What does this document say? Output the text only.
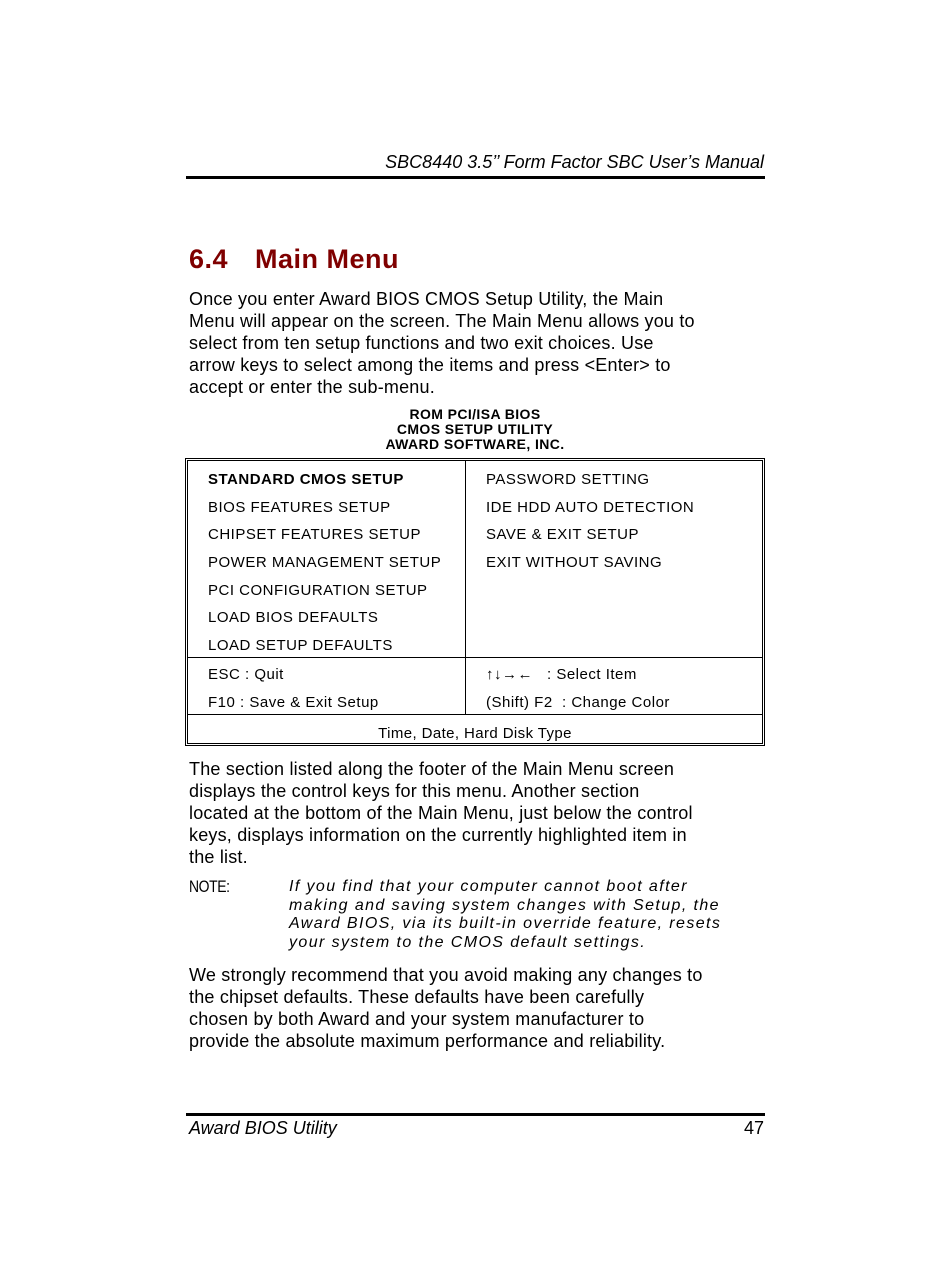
SBC8440 3.5’’ Form Factor SBC User’s Manual
6.4 Main Menu
Once you enter Award BIOS CMOS Setup Utility, the Main
Menu will appear on the screen. The Main Menu allows you to
select from ten setup functions and two exit choices. Use
arrow keys to select among the items and press <Enter> to
accept or enter the sub-menu.
ROM PCI/ISA BIOS
CMOS SETUP UTILITY
AWARD SOFTWARE, INC.
STANDARD CMOS SETUP
BIOS FEATURES SETUP
CHIPSET FEATURES SETUP
POWER MANAGEMENT SETUP
PCI CONFIGURATION SETUP
LOAD BIOS DEFAULTS
LOAD SETUP DEFAULTS
PASSWORD SETTING
IDE HDD AUTO DETECTION
SAVE & EXIT SETUP
EXIT WITHOUT SAVING
ESC : Quit
F10 : Save & Exit Setup
↑↓→←   : Select Item
(Shift) F2  : Change Color
Time, Date, Hard Disk Type
The section listed along the footer of the Main Menu screen
displays the control keys for this menu. Another section
located at the bottom of the Main Menu, just below the control
keys, displays information on the currently highlighted item in
the list.
NOTE:	If you find that your computer cannot boot after
making and saving system changes with Setup, the
Award BIOS, via its built-in override feature, resets
your system to the CMOS default settings.
We strongly recommend that you avoid making any changes to
the chipset defaults. These defaults have been carefully
chosen by both Award and your system manufacturer to
provide the absolute maximum performance and reliability.
Award BIOS Utility	47
